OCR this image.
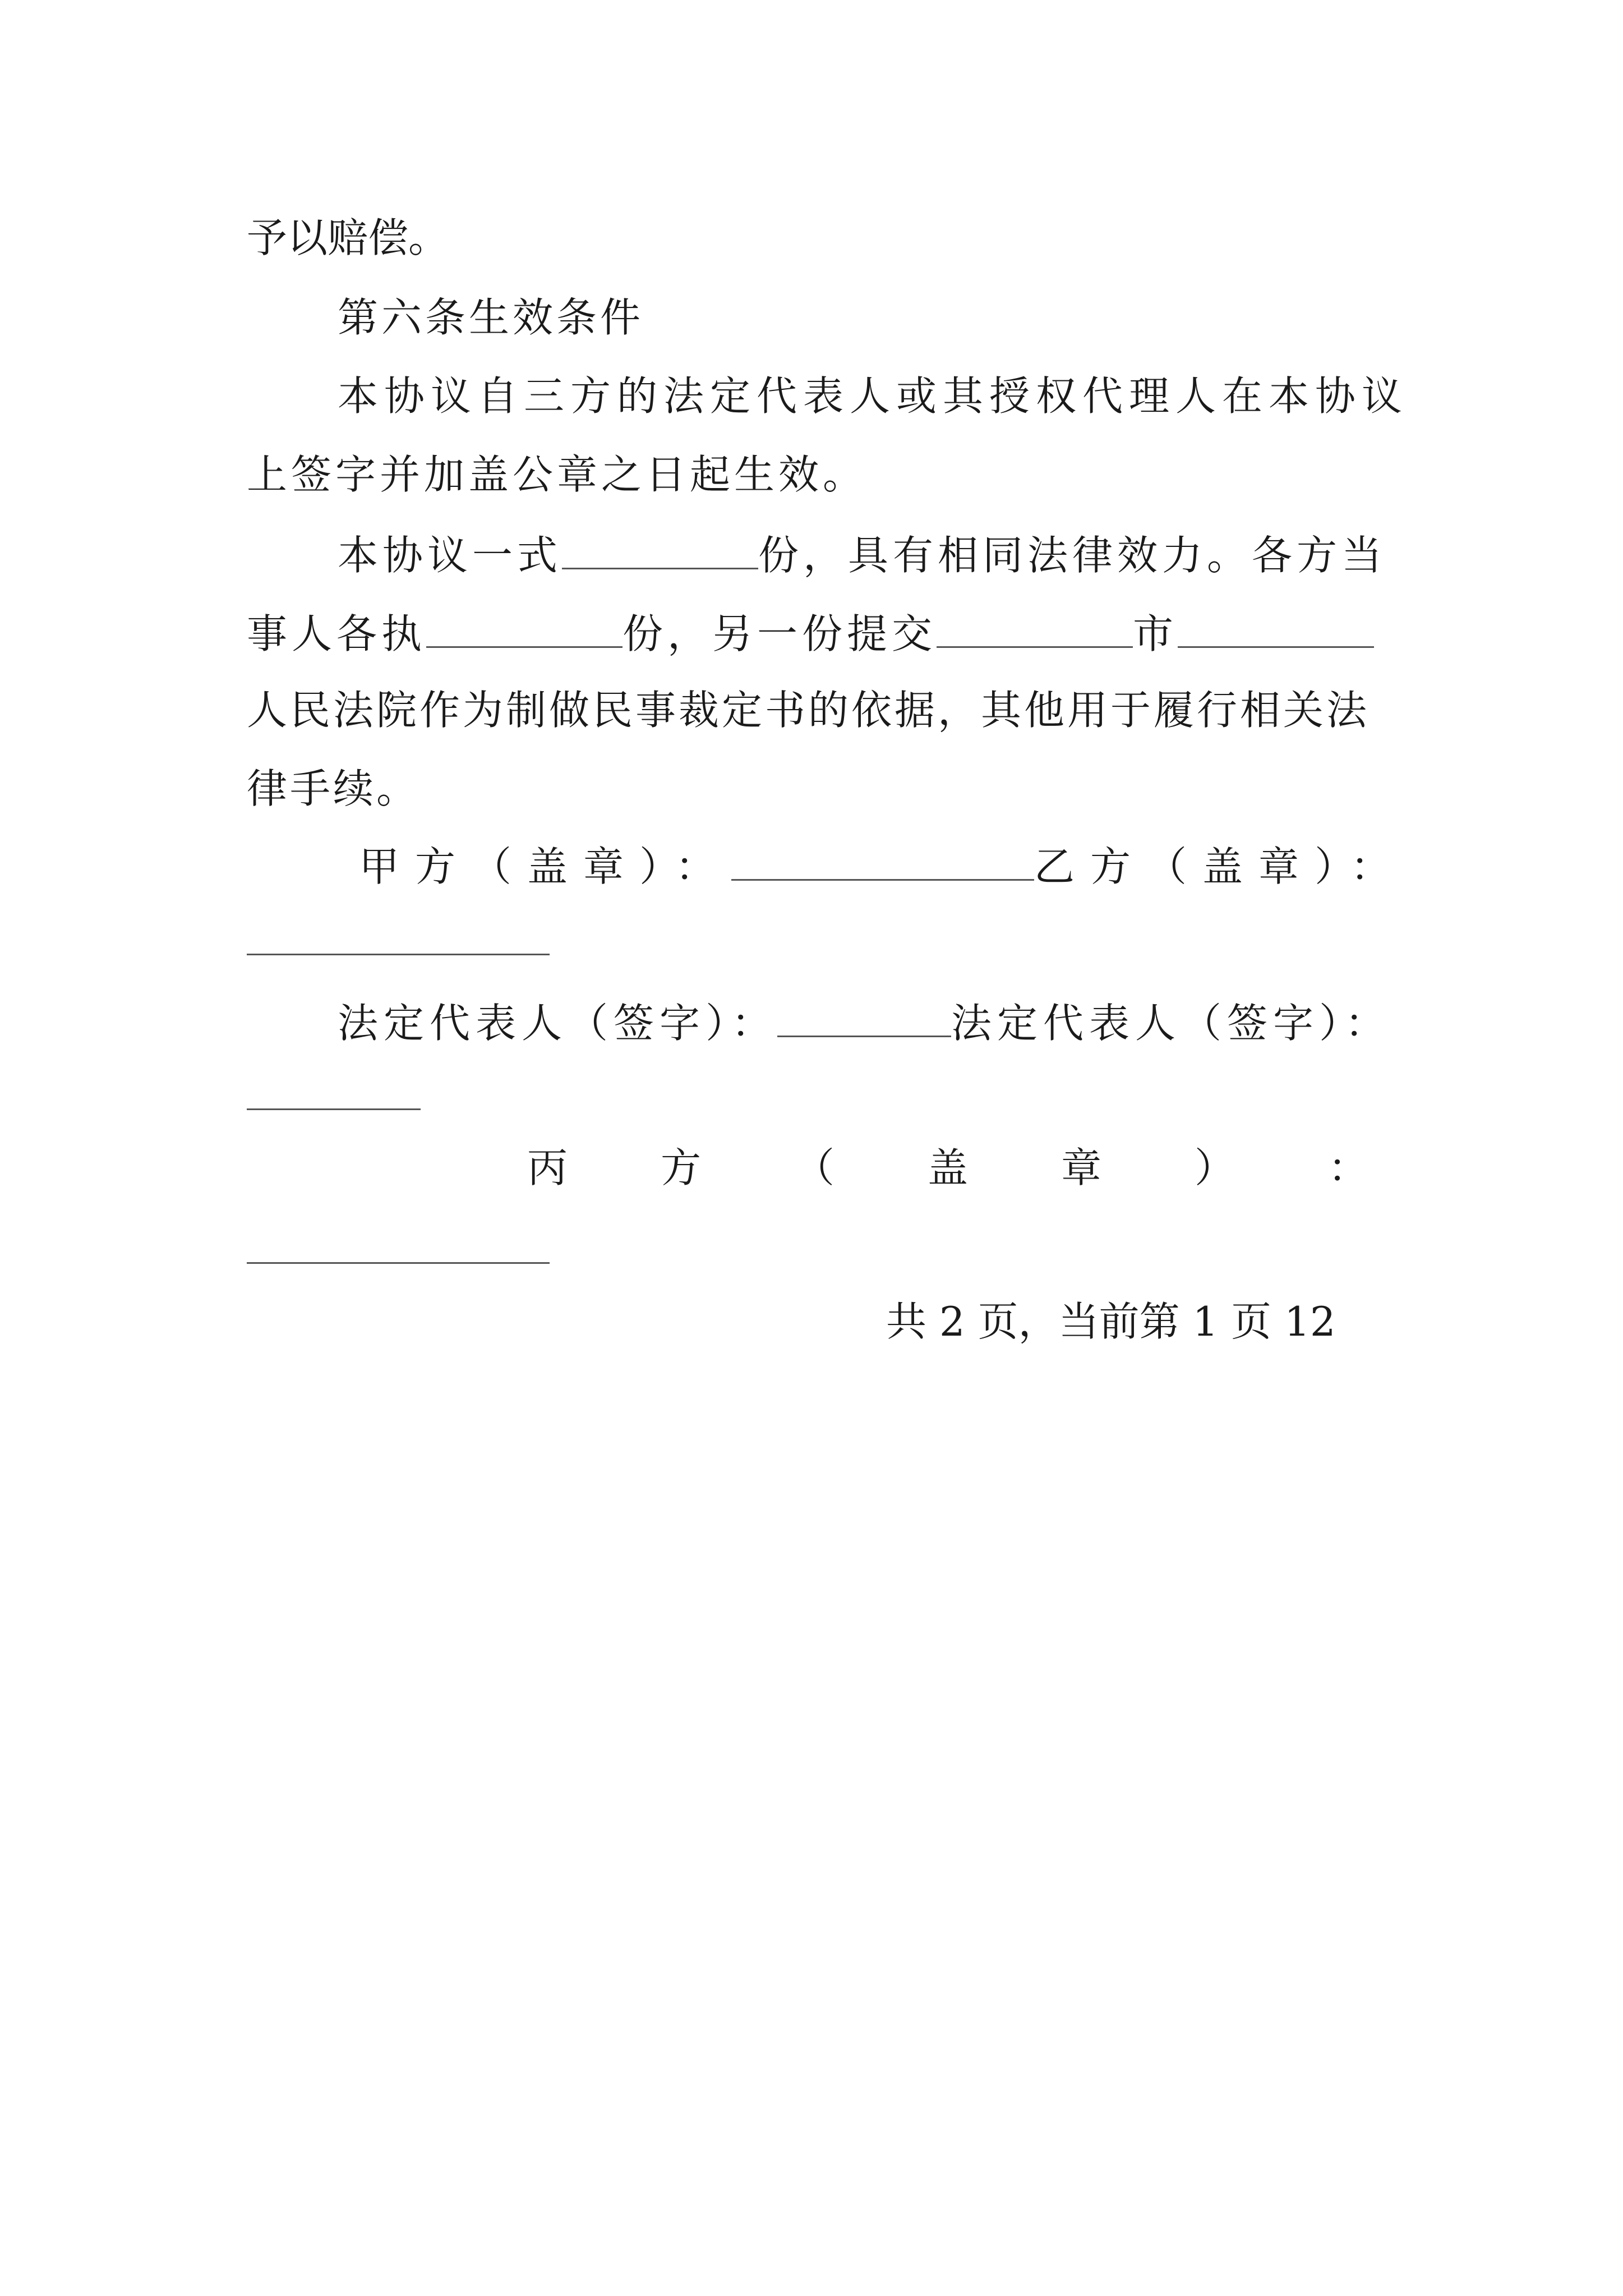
予以赔偿。
第六条生效条件
本协议自三方的法定代表人或其授权代理人在本协议
上签字并加盖公章之日起生效。
本协议一式	份，具有相同法律效力。各方当
事人各执	份，另一份提交	市
人民法院作为制做民事裁定书的依据，其他用于履行相关法
律手续。
甲方（盖章）：	乙方（盖章）：
法定代表人（签字）：	法定代表人（签字）：
丙 方 （ 盖 章 ） ：
共 2 页，当前第 1 页 12
